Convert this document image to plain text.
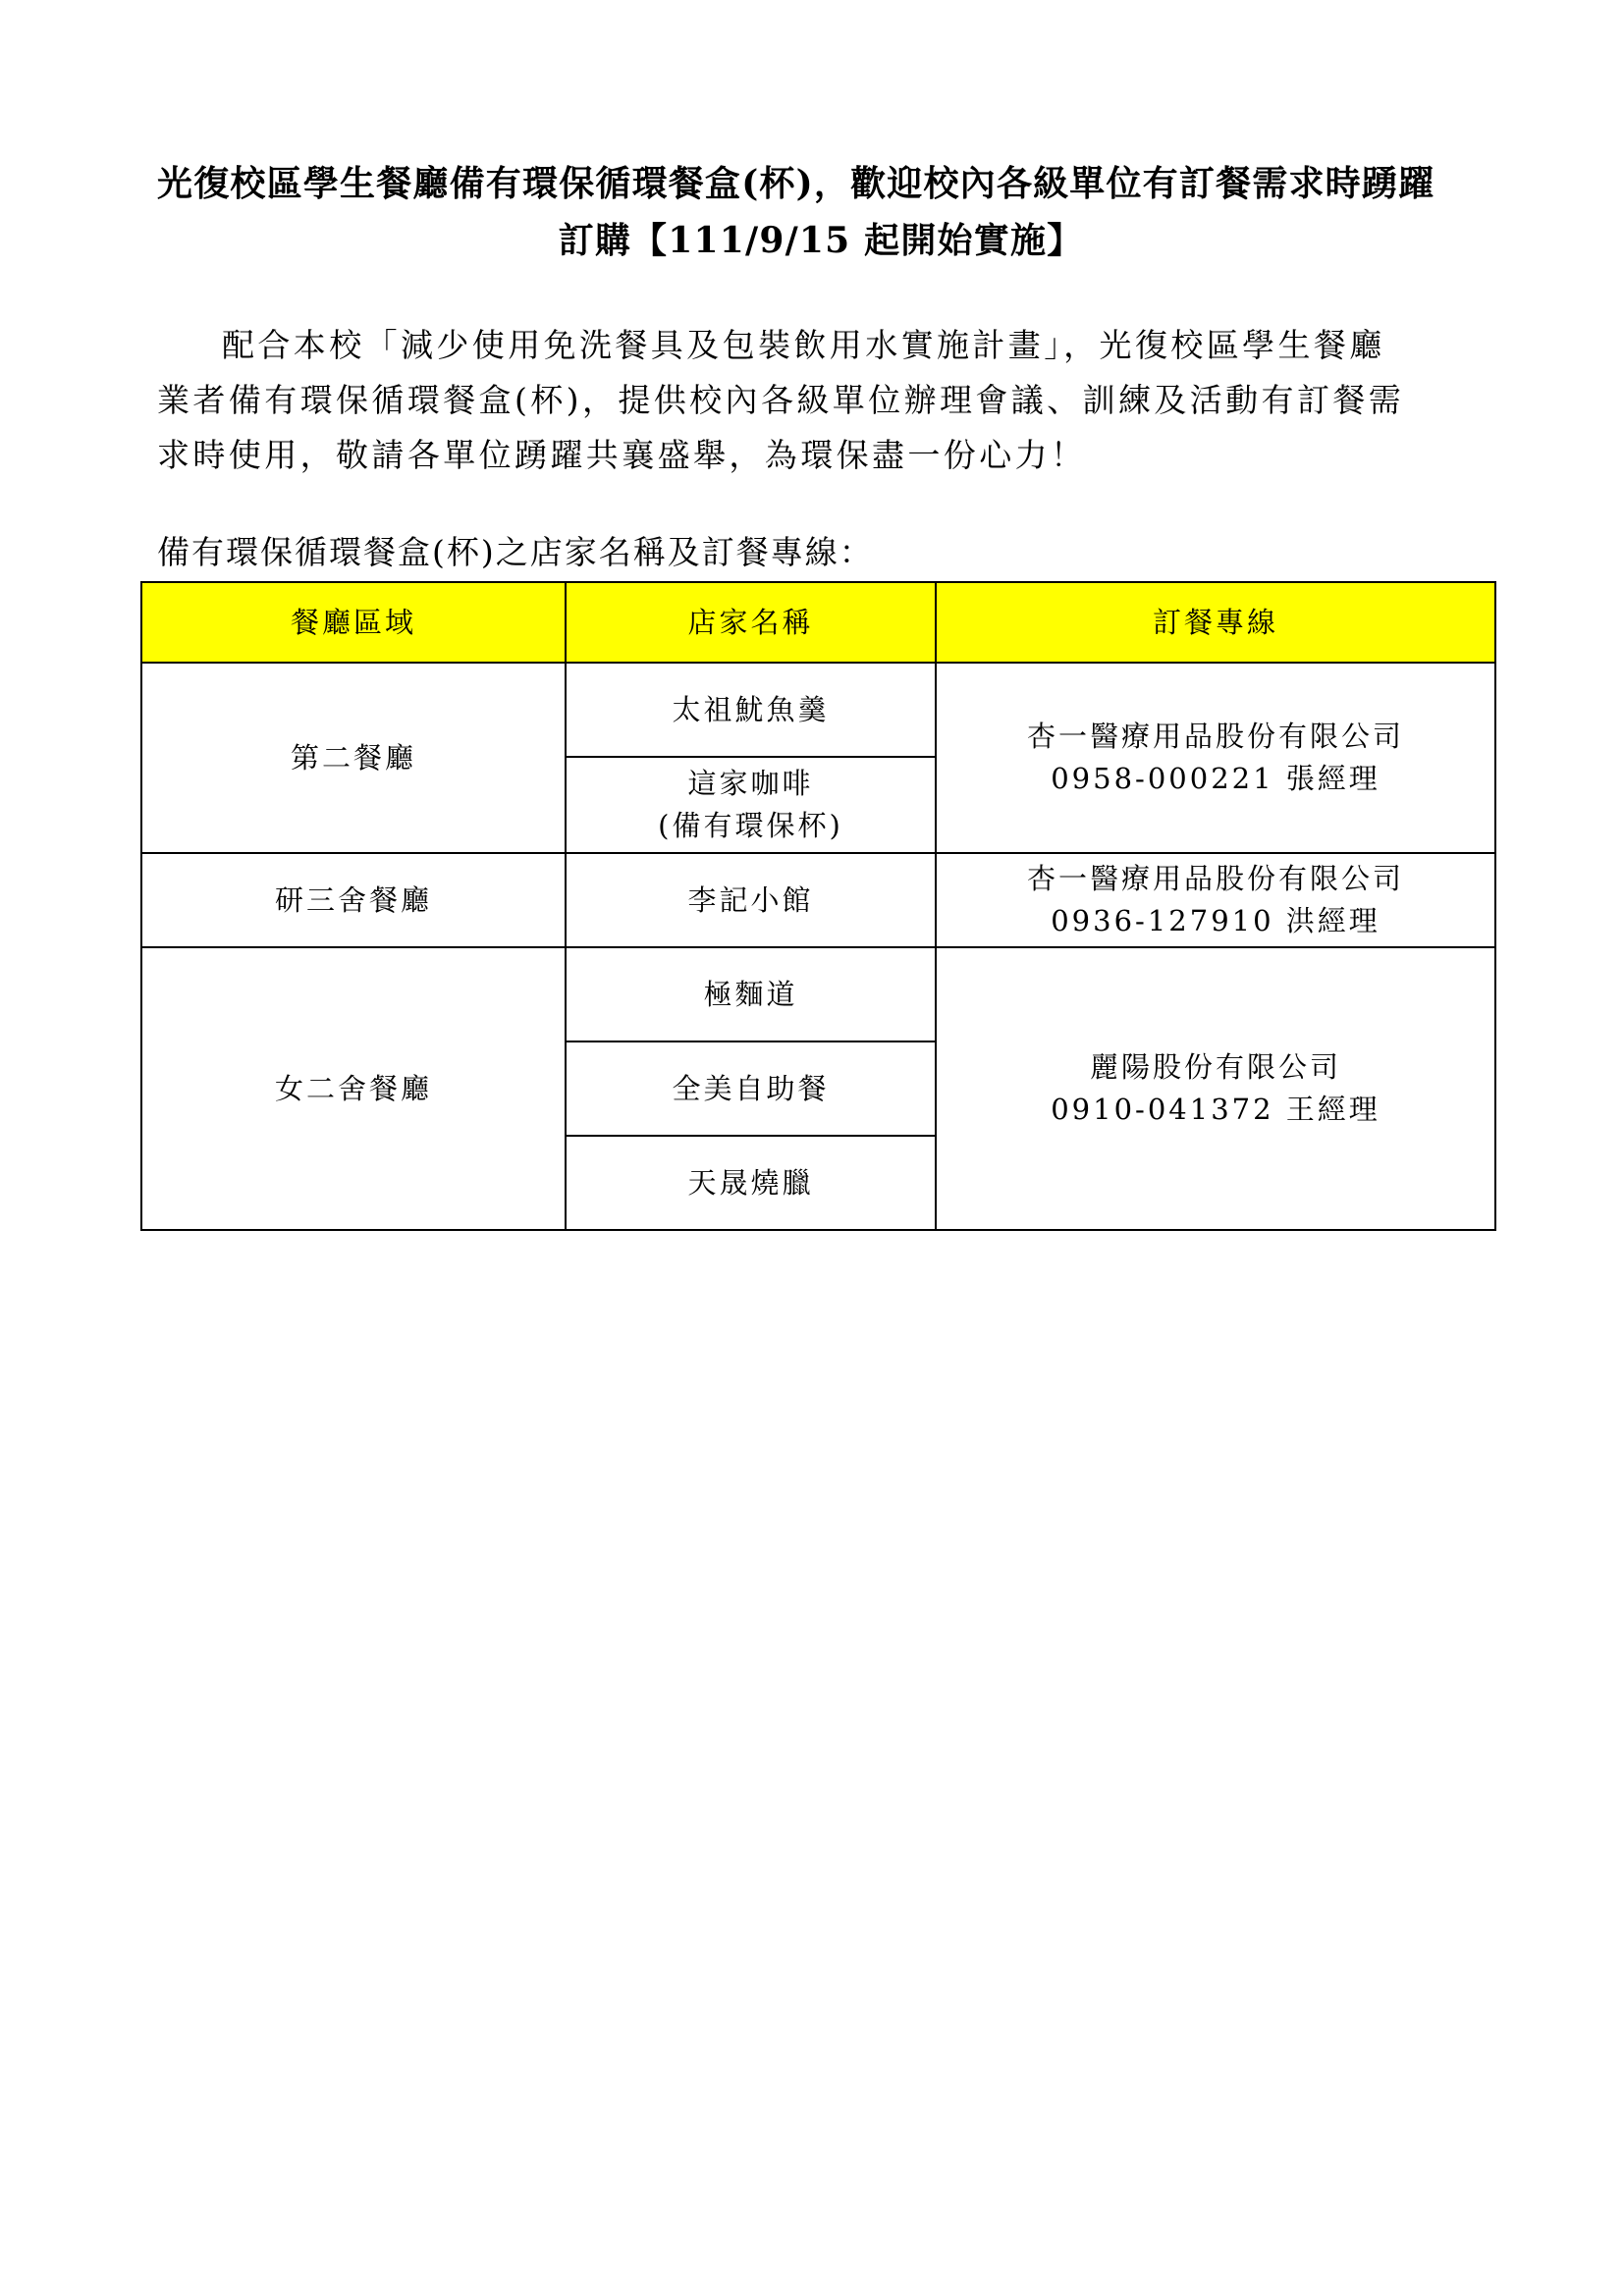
光復校區學生餐廳備有環保循環餐盒(杯)，歡迎校內各級單位有訂餐需求時踴躍
訂購【111/9/15 起開始實施】
配合本校「減少使用免洗餐具及包裝飲用水實施計畫」，光復校區學生餐廳
業者備有環保循環餐盒(杯)，提供校內各級單位辦理會議、訓練及活動有訂餐需
求時使用，敬請各單位踴躍共襄盛舉，為環保盡一份心力！
備有環保循環餐盒(杯)之店家名稱及訂餐專線：
餐廳區域	店家名稱	訂餐專線
第二餐廳	太祖魷魚羹	杏一醫療用品股份有限公司
0958-000221 張經理

	這家咖啡
(備有環保杯)	

研三舍餐廳	李記小館	杏一醫療用品股份有限公司
0936-127910 洪經理

女二舍餐廳	極麵道	麗陽股份有限公司
0910-041372 王經理

	全美自助餐	
	天晟燒臘	
